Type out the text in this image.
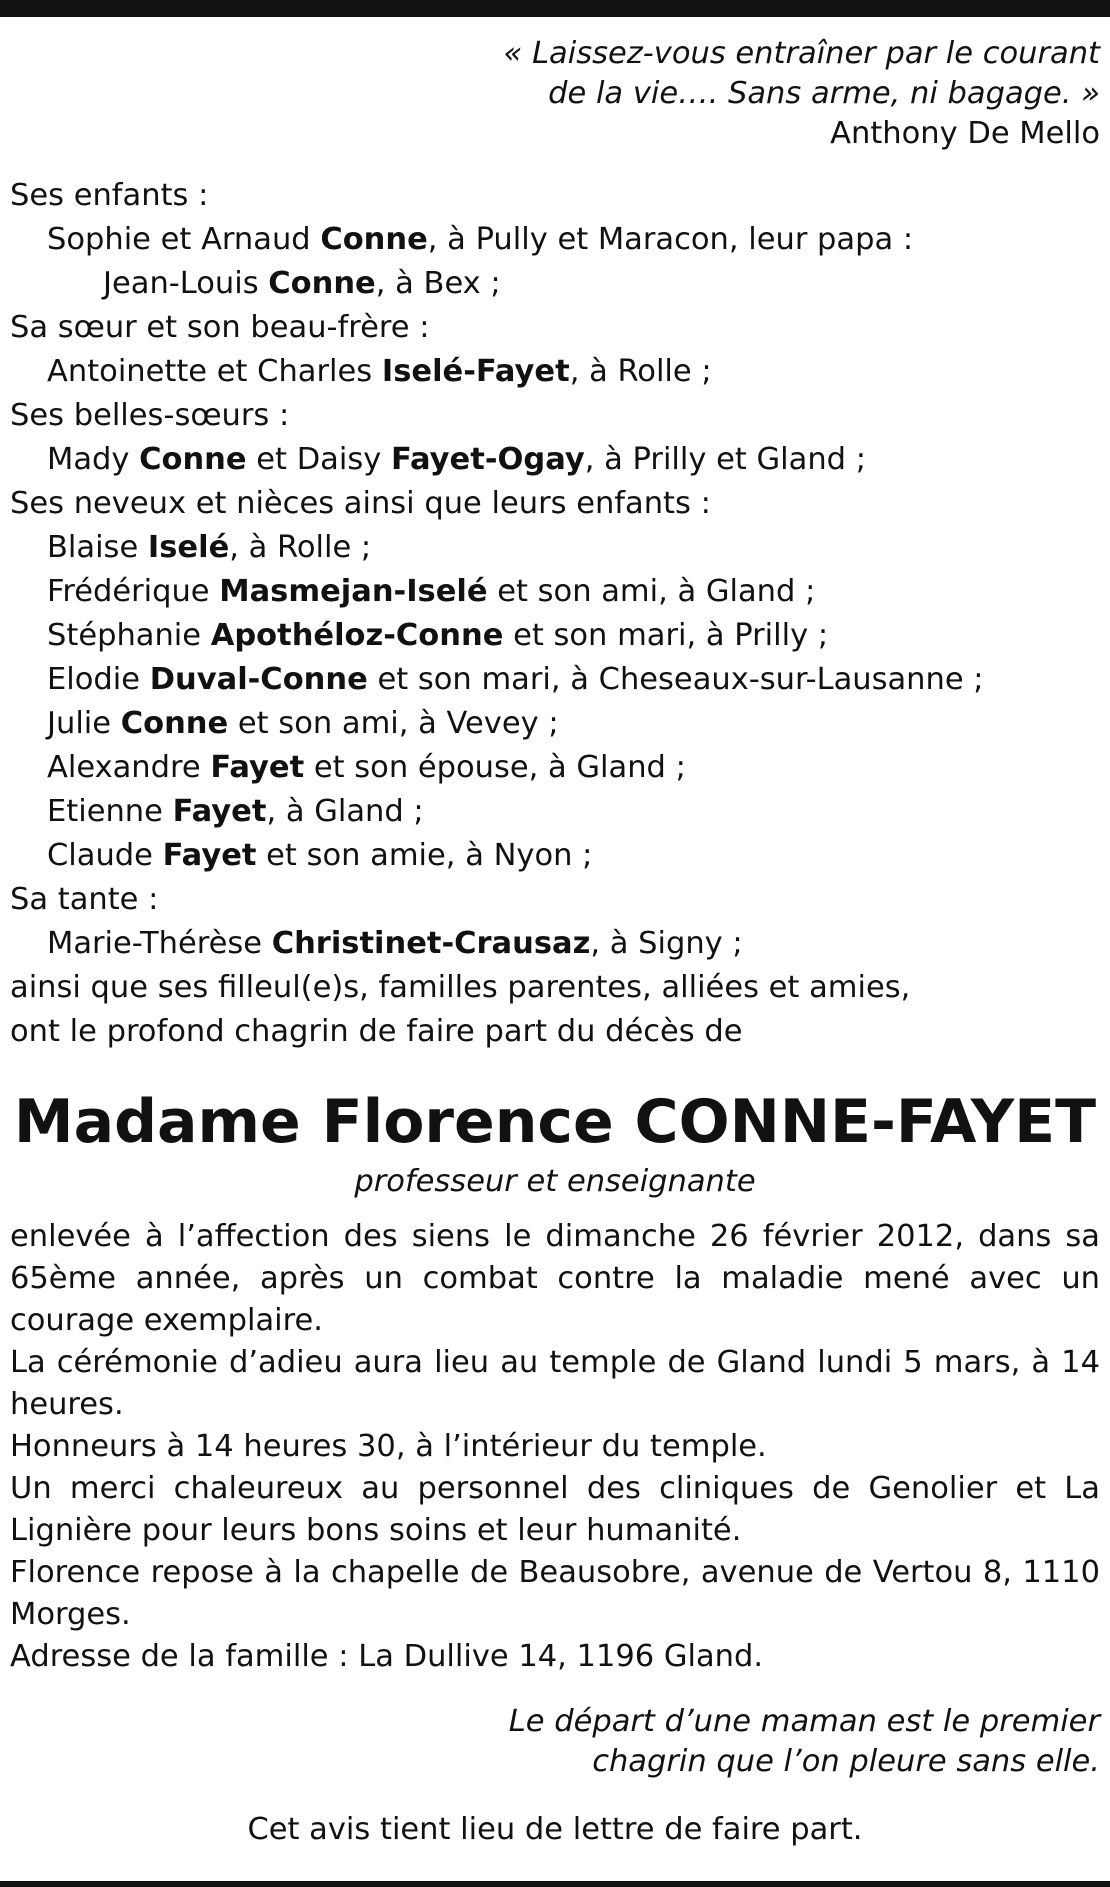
« Laissez-vous entraîner par le courant
de la vie…. Sans arme, ni bagage. »
Anthony De Mello
Ses enfants :
Sophie et Arnaud Conne, à Pully et Maracon, leur papa :
Jean-Louis Conne, à Bex ;
Sa sœur et son beau-frère :
Antoinette et Charles Iselé-Fayet, à Rolle ;
Ses belles-sœurs :
Mady Conne et Daisy Fayet-Ogay, à Prilly et Gland ;
Ses neveux et nièces ainsi que leurs enfants :
Blaise Iselé, à Rolle ;
Frédérique Masmejan-Iselé et son ami, à Gland ;
Stéphanie Apothéloz-Conne et son mari, à Prilly ;
Elodie Duval-Conne et son mari, à Cheseaux-sur-Lausanne ;
Julie Conne et son ami, à Vevey ;
Alexandre Fayet et son épouse, à Gland ;
Etienne Fayet, à Gland ;
Claude Fayet et son amie, à Nyon ;
Sa tante :
Marie-Thérèse Christinet-Crausaz, à Signy ;
ainsi que ses filleul(e)s, familles parentes, alliées et amies,
ont le profond chagrin de faire part du décès de
Madame Florence CONNE-FAYET
professeur et enseignante

enlevée à l’affection des siens le dimanche 26 février 2012, dans sa 65ème année, après un combat contre la maladie mené avec un courage exemplaire.

La cérémonie d’adieu aura lieu au temple de Gland lundi 5 mars, à 14 heures.

Honneurs à 14 heures 30, à l’intérieur du temple.

Un merci chaleureux au personnel des cliniques de Genolier et La Lignière pour leurs bons soins et leur humanité.

Florence repose à la chapelle de Beausobre, avenue de Vertou 8, 1110 Morges.

Adresse de la famille : La Dullive 14, 1196 Gland.

Le départ d’une maman est le premier
chagrin que l’on pleure sans elle.
Cet avis tient lieu de lettre de faire part.
